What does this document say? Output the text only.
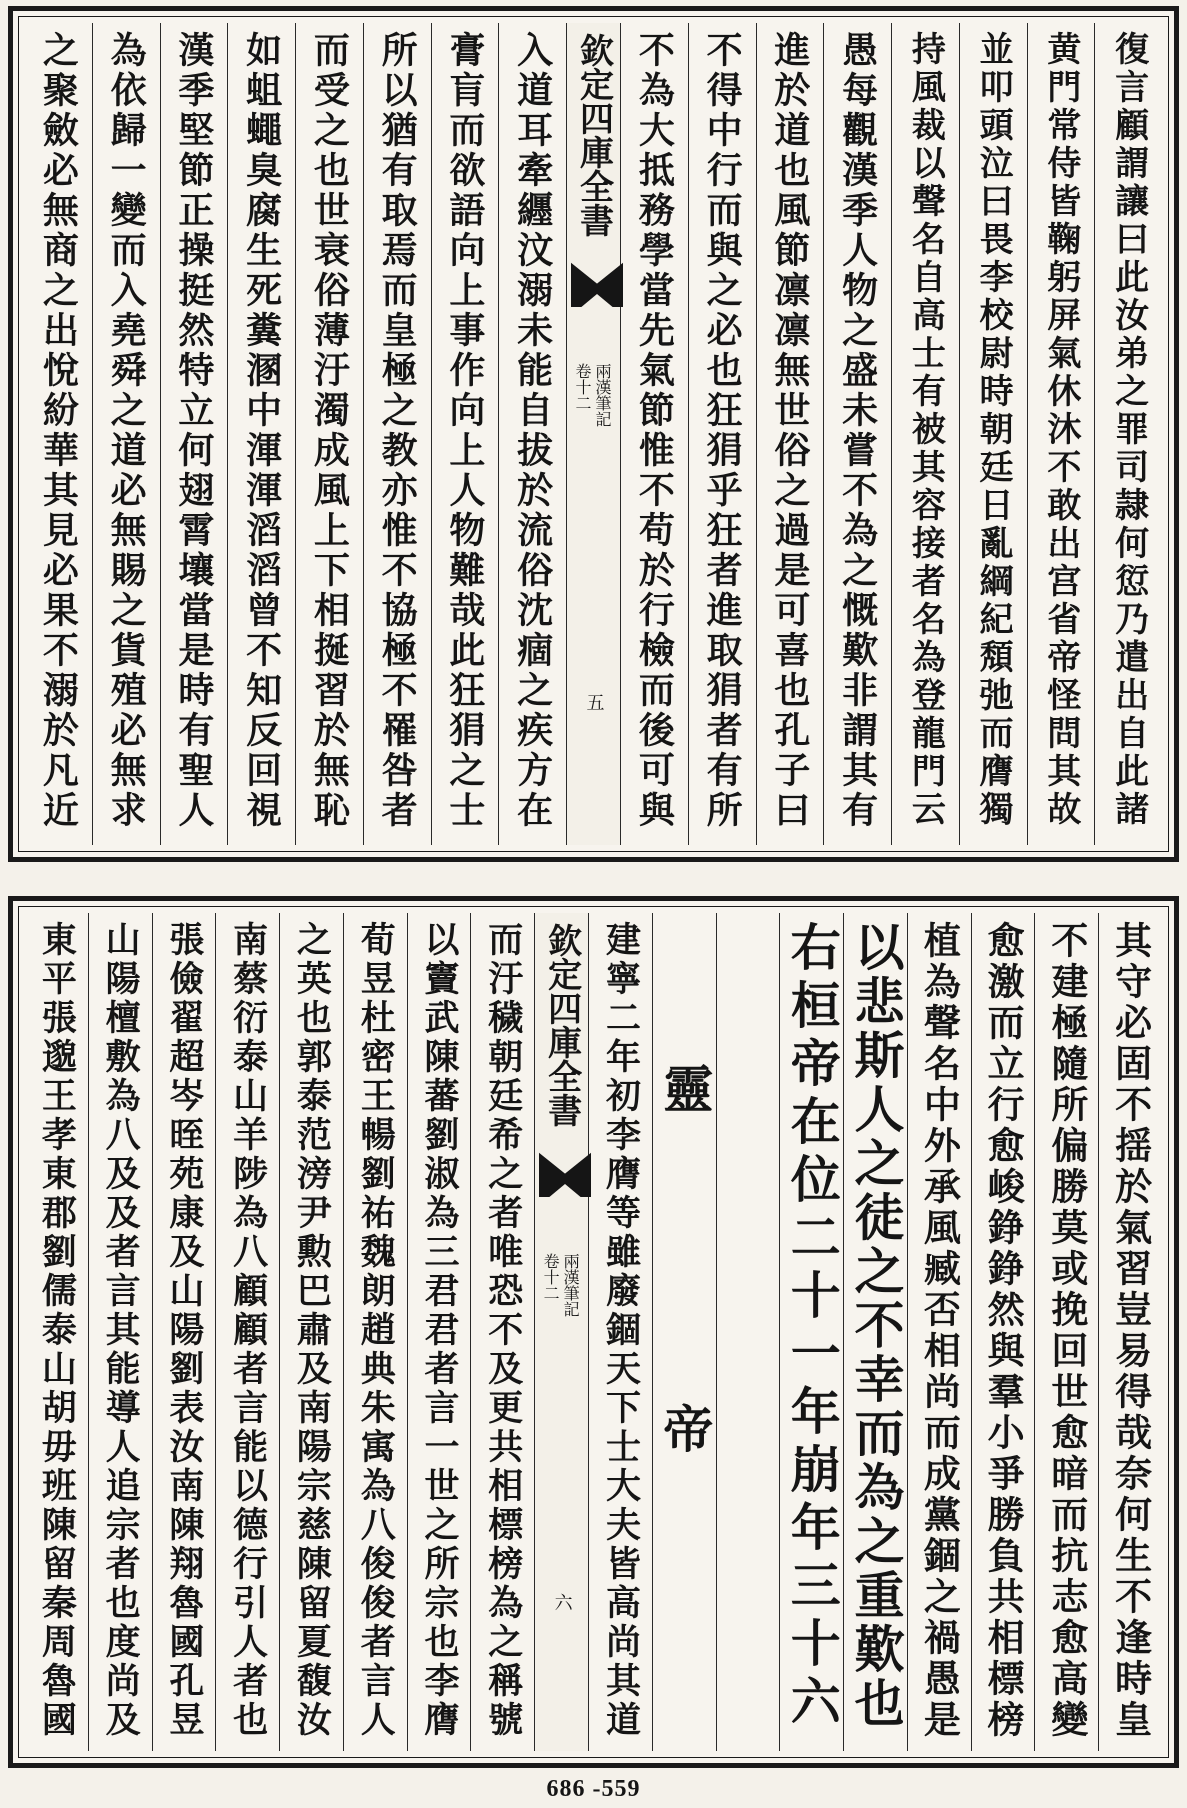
復言顧謂讓曰此汝弟之罪司隷何愆乃遣出自此諸
黄門常侍皆鞠躬屏氣休沐不敢出宫省帝怪問其故
並叩頭泣曰畏李校尉時朝廷日亂綱紀頽弛而膺獨
持風裁以聲名自高士有被其容接者名為登龍門云
愚每觀漢季人物之盛未嘗不為之慨歎非謂其有
進於道也風節凛凛無世俗之過是可喜也孔子曰
不得中行而與之必也狂狷乎狂者進取狷者有所
不為大抵務學當先氣節惟不苟於行檢而後可與
欽定四庫全書
兩漢筆記
卷十二
五
入道耳牽纒汶溺未能自拔於流俗沈痼之疾方在
膏肓而欲語向上事作向上人物難哉此狂狷之士
所以猶有取焉而皇極之教亦惟不協極不罹咎者
而受之也世衰俗薄汙濁成風上下相挻習於無恥
如蛆蠅臭腐生死糞溷中渾渾滔滔曾不知反回視
漢季堅節正操挺然特立何翅霄壤當是時有聖人
為依歸一變而入堯舜之道必無賜之貨殖必無求
之聚斂必無商之出悅紛華其見必果不溺於凡近
其守必固不揺於氣習豈易得哉奈何生不逢時皇
不建極隨所偏勝莫或挽回世愈暗而抗志愈高變
愈激而立行愈峻錚錚然與羣小爭勝負共相標榜
植為聲名中外承風臧否相尚而成黨錮之禍愚是
以悲斯人之徒之不幸而為之重歎也
右桓帝在位二十一年崩年三十六
靈帝
建寧二年初李膺等雖廢錮天下士大夫皆高尚其道
欽定四庫全書
兩漢筆記
卷十二
六
而汙穢朝廷希之者唯恐不及更共相標榜為之稱號
以竇武陳蕃劉淑為三君君者言一世之所宗也李膺
荀昱杜密王暢劉祐魏朗趙典朱㝢為八俊俊者言人
之英也郭泰范滂尹勲巴肅及南陽宗慈陳留夏馥汝
南蔡衍泰山羊陟為八顧顧者言能以德行引人者也
張儉翟超岑晊苑康及山陽劉表汝南陳翔魯國孔昱
山陽檀敷為八及及者言其能導人追宗者也度尚及
東平張邈王孝東郡劉儒泰山胡毋班陳留秦周魯國
686 -559
